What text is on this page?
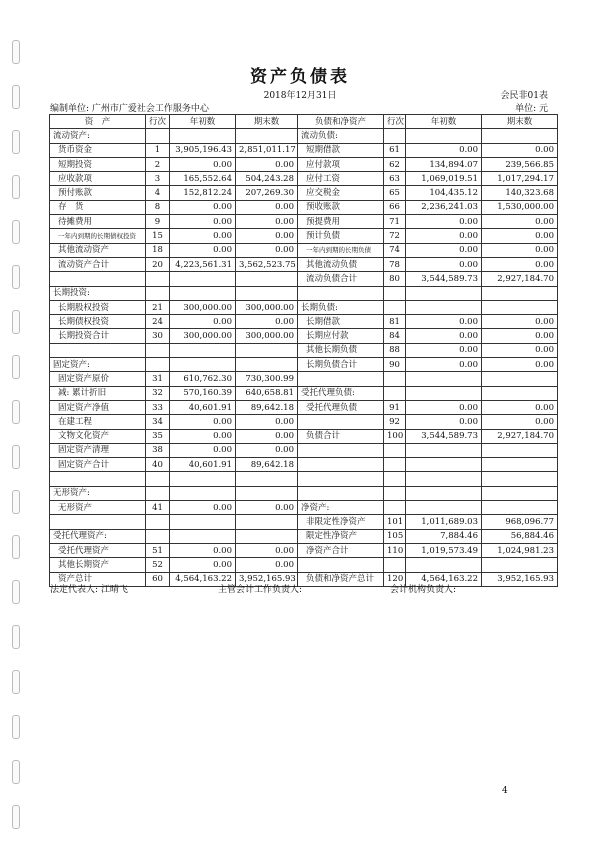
资产负债表
2018年12月31日	会民非01表
编制单位: 广州市广爱社会工作服务中心	单位: 元
资　产	行次	年初数	期末数	负债和净资产	行次	年初数	期末数
流动资产:				流动负债:			
货币资金	1	3,905,196.43	2,851,011.17	短期借款	61	0.00	0.00
短期投资	2	0.00	0.00	应付款项	62	134,894.07	239,566.85
应收款项	3	165,552.64	504,243.28	应付工资	63	1,069,019.51	1,017,294.17
预付账款	4	152,812.24	207,269.30	应交税金	65	104,435.12	140,323.68
存　货	8	0.00	0.00	预收账款	66	2,236,241.03	1,530,000.00
待摊费用	9	0.00	0.00	预提费用	71	0.00	0.00
一年内到期的长期债权投资	15	0.00	0.00	预计负债	72	0.00	0.00
其他流动资产	18	0.00	0.00	一年内到期的长期负债	74	0.00	0.00
流动资产合计	20	4,223,561.31	3,562,523.75	其他流动负债	78	0.00	0.00
				流动负债合计	80	3,544,589.73	2,927,184.70
长期投资:							
长期股权投资	21	300,000.00	300,000.00	长期负债:			
长期债权投资	24	0.00	0.00	长期借款	81	0.00	0.00
长期投资合计	30	300,000.00	300,000.00	长期应付款	84	0.00	0.00
				其他长期负债	88	0.00	0.00
固定资产:				长期负债合计	90	0.00	0.00
固定资产原价	31	610,762.30	730,300.99				
减: 累计折旧	32	570,160.39	640,658.81	受托代理负债:			
固定资产净值	33	40,601.91	89,642.18	受托代理负债	91	0.00	0.00
在建工程	34	0.00	0.00		92	0.00	0.00
文物文化资产	35	0.00	0.00	负债合计	100	3,544,589.73	2,927,184.70
固定资产清理	38	0.00	0.00				
固定资产合计	40	40,601.91	89,642.18				

无形资产:							
无形资产	41	0.00	0.00	净资产:			
				非限定性净资产	101	1,011,689.03	968,096.77
受托代理资产:				限定性净资产	105	7,884.46	56,884.46
受托代理资产	51	0.00	0.00	净资产合计	110	1,019,573.49	1,024,981.23
其他长期资产	52	0.00	0.00				
资产总计	60	4,564,163.22	3,952,165.93	负债和净资产总计	120	4,564,163.22	3,952,165.93
法定代表人: 江晴飞	主管会计工作负责人:	会计机构负责人:
4
